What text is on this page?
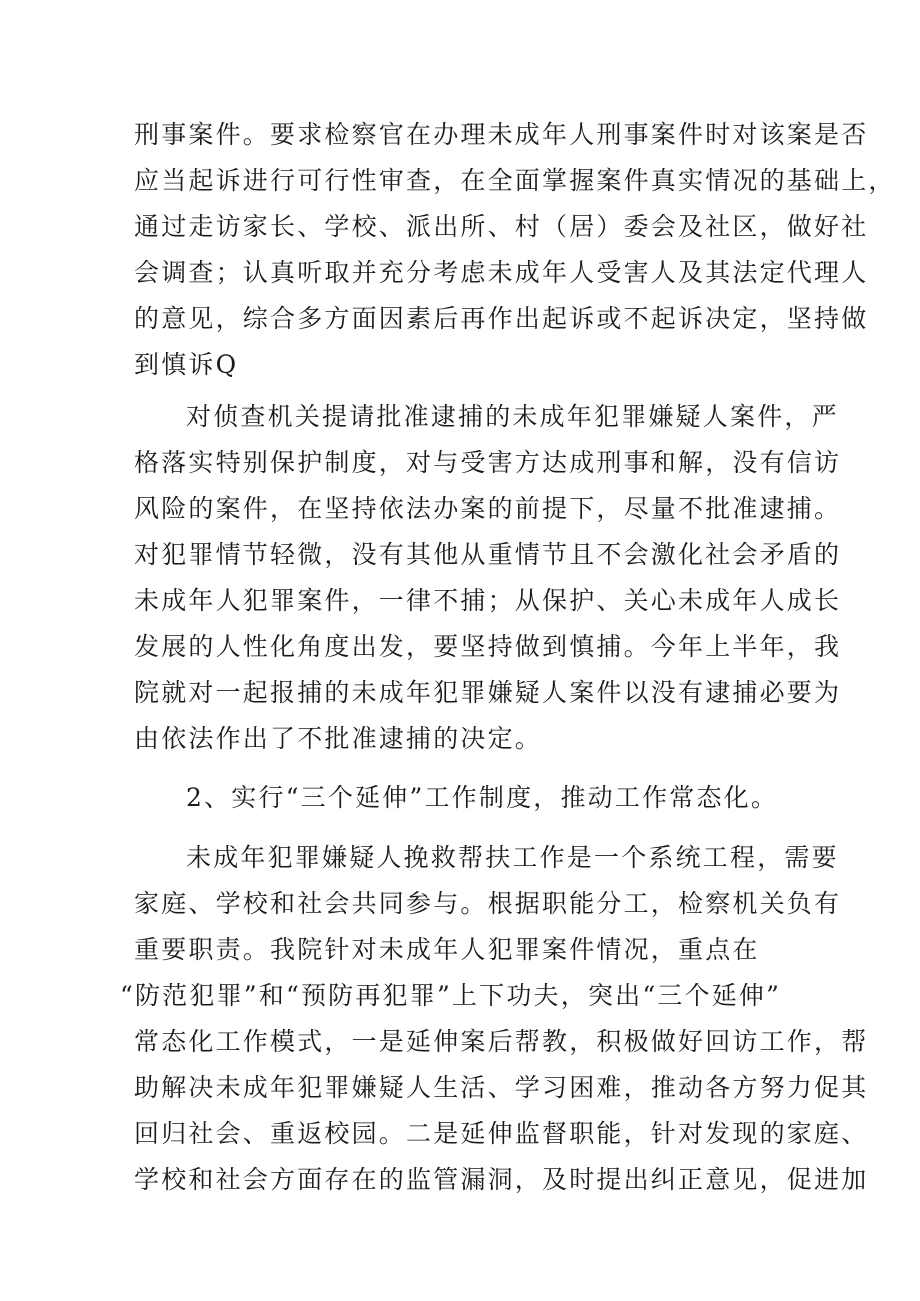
刑事案件。要求检察官在办理未成年人刑事案件时对该案是否
应当起诉进行可行性审查，在全面掌握案件真实情况的基础上，
通过走访家长、学校、派出所、村（居）委会及社区，做好社
会调查；认真听取并充分考虑未成年人受害人及其法定代理人
的意见，综合多方面因素后再作出起诉或不起诉决定，坚持做
到慎诉Q
对侦查机关提请批准逮捕的未成年犯罪嫌疑人案件，严
格落实特别保护制度，对与受害方达成刑事和解，没有信访
风险的案件，在坚持依法办案的前提下，尽量不批准逮捕。
对犯罪情节轻微，没有其他从重情节且不会激化社会矛盾的
未成年人犯罪案件，一律不捕；从保护、关心未成年人成长
发展的人性化角度出发，要坚持做到慎捕。今年上半年，我
院就对一起报捕的未成年犯罪嫌疑人案件以没有逮捕必要为
由依法作出了不批准逮捕的决定。
2、实行“三个延伸”工作制度，推动工作常态化。
未成年犯罪嫌疑人挽救帮扶工作是一个系统工程，需要
家庭、学校和社会共同参与。根据职能分工，检察机关负有
重要职责。我院针对未成年人犯罪案件情况，重点在
“防范犯罪”和“预防再犯罪”上下功夫，突出“三个延伸”
常态化工作模式，一是延伸案后帮教，积极做好回访工作，帮
助解决未成年犯罪嫌疑人生活、学习困难，推动各方努力促其
回归社会、重返校园。二是延伸监督职能，针对发现的家庭、
学校和社会方面存在的监管漏洞，及时提出纠正意见，促进加
